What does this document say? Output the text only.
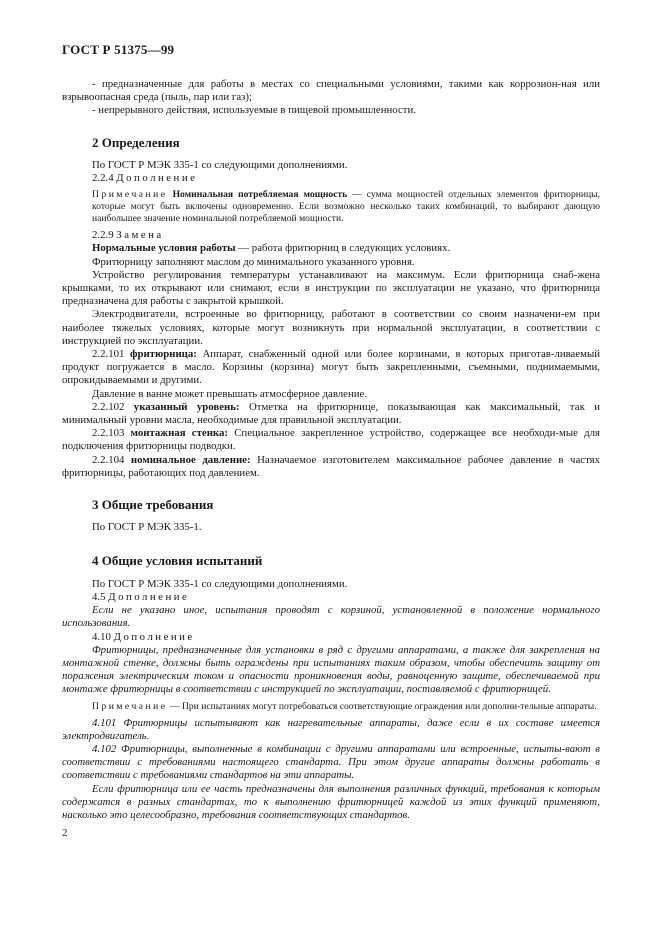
ГОСТ Р 51375—99

- предназначенные для работы в местах со специальными условиями, такими как коррозион-ная или взрывоопасная среда (пыль, пар или газ);

- непрерывного действия, используемые в пищевой промышленности.

2 Определения

По ГОСТ Р МЭК 335-1 со следующими дополнениями.

2.2.4 Дополнение

Примечание Номинальная потребляемая мощность — сумма мощностей отдельных элементов фритюрницы, которые могут быть включены одновременно. Если возможно несколько таких комбинаций, то выбирают дающую наибольшее значение номинальной потребляемой мощности.

2.2.9 Замена

Нормальные условия работы — работа фритюрниц в следующих условиях.

Фритюрницу заполняют маслом до минимального указанного уровня.

Устройство регулирования температуры устанавливают на максимум. Если фритюрница снаб-жена крышками, то их открывают или снимают, если в инструкции по эксплуатации не указано, что фритюрница предназначена для работы с закрытой крышкой.

Электродвигатели, встроенные во фритюрницу, работают в соответствии со своим назначени-ем при наиболее тяжелых условиях, которые могут возникнуть при нормальной эксплуатации, в соответствии с инструкцией по эксплуатации.

2.2.101 фритюрница: Аппарат, снабженный одной или более корзинами, в которых приготав-ливаемый продукт погружается в масло. Корзины (корзина) могут быть закрепленными, съемными, поднимаемыми, опрокидываемыми и другими.

Давление в ванне может превышать атмосферное давление.

2.2.102 указанный уровень: Отметка на фритюрнице, показывающая как максимальный, так и минимальный уровни масла, необходимые для правильной эксплуатации.

2.2.103 монтажная стенка: Специальное закрепленное устройство, содержащее все необходи-мые для подключения фритюрницы подводки.

2.2.104 номинальное давление: Назначаемое изготовителем максимальное рабочее давление в частях фритюрницы, работающих под давлением.

3 Общие требования

По ГОСТ Р МЭК 335-1.

4 Общие условия испытаний

По ГОСТ Р МЭК 335-1 со следующими дополнениями.

4.5 Дополнение

Если не указано иное, испытания проводят с корзиной, установленной в положение нормального использования.

4.10 Дополнение

Фритюрницы, предназначенные для установки в ряд с другими аппаратами, а также для закрепления на монтажной стенке, должны быть ограждены при испытаниях таким образом, чтобы обеспечить защиту от поражения электрическим током и опасности проникновения воды, равноценную защите, обеспечиваемой при монтаже фритюрницы в соответствии с инструкцией по эксплуатации, поставляемой с фритюрницей.

Примечание — При испытаниях могут потребоваться соответствующие ограждения или дополни-тельные аппараты.

4.101 Фритюрницы испытывают как нагревательные аппараты, даже если в их составе имеется электродвигатель.

4.102 Фритюрницы, выполненные в комбинации с другими аппаратами или встроенные, испыты-вают в соответствии с требованиями настоящего стандарта. При этом другие аппараты должны работать в соответствии с требованиями стандартов на эти аппараты.

Если фритюрница или ее часть предназначены для выполнения различных функций, требования к которым содержатся в разных стандартах, то к выполнению фритюрницей каждой из этих функций применяют, насколько это целесообразно, требования соответствующих стандартов.

2
